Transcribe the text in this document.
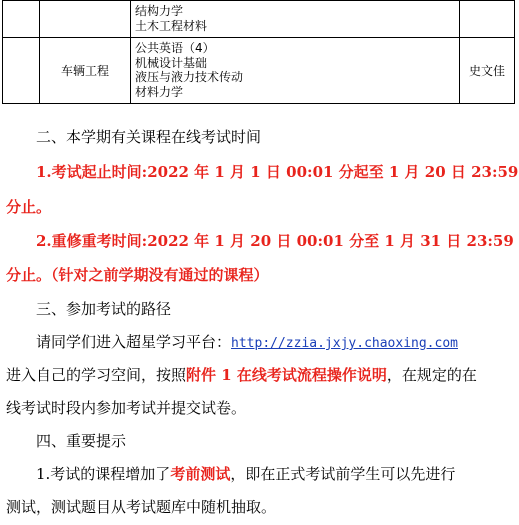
		结构力学
土木工程材料	

	车辆工程	公共英语（4）
机械设计基础
液压与液力技术传动
材料力学	史文佳
二、本学期有关课程在线考试时间
1.考试起止时间:2022 年 1 月 1 日 00:01 分起至 1 月 20 日 23:59
分止。
2.重修重考时间:2022 年 1 月 20 日 00:01 分至 1 月 31 日 23:59
分止。（针对之前学期没有通过的课程）
三、参加考试的路径
请同学们进入超星学习平台：http://zzia.jxjy.chaoxing.com
进入自己的学习空间，按照附件 1 在线考试流程操作说明，在规定的在
线考试时段内参加考试并提交试卷。
四、重要提示
1.考试的课程增加了考前测试，即在正式考试前学生可以先进行
测试，测试题目从考试题库中随机抽取。
